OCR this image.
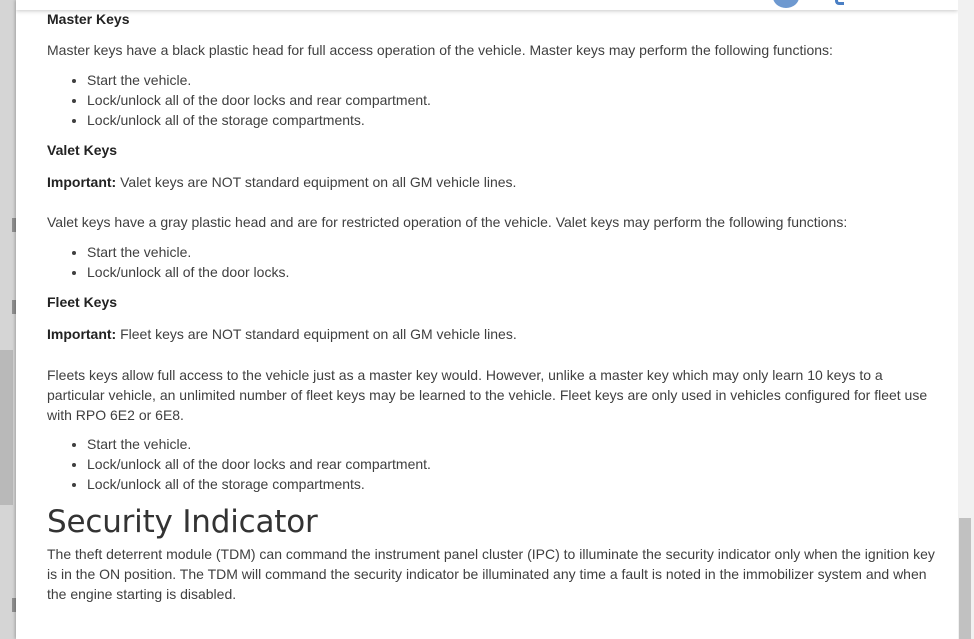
Master Keys

Master keys have a black plastic head for full access operation of the vehicle. Master keys may perform the following functions:

• Start the vehicle.
• Lock/unlock all of the door locks and rear compartment.
• Lock/unlock all of the storage compartments.
Valet Keys

Important: Valet keys are NOT standard equipment on all GM vehicle lines.

Valet keys have a gray plastic head and are for restricted operation of the vehicle. Valet keys may perform the following functions:

• Start the vehicle.
• Lock/unlock all of the door locks.
Fleet Keys

Important: Fleet keys are NOT standard equipment on all GM vehicle lines.

Fleets keys allow full access to the vehicle just as a master key would. However, unlike a master key which may only learn 10 keys to a particular vehicle, an unlimited number of fleet keys may be learned to the vehicle. Fleet keys are only used in vehicles configured for fleet use with RPO 6E2 or 6E8.

• Start the vehicle.
• Lock/unlock all of the door locks and rear compartment.
• Lock/unlock all of the storage compartments.
Security Indicator

The theft deterrent module (TDM) can command the instrument panel cluster (IPC) to illuminate the security indicator only when the ignition key is in the ON position. The TDM will command the security indicator be illuminated any time a fault is noted in the immobilizer system and when the engine starting is disabled.
